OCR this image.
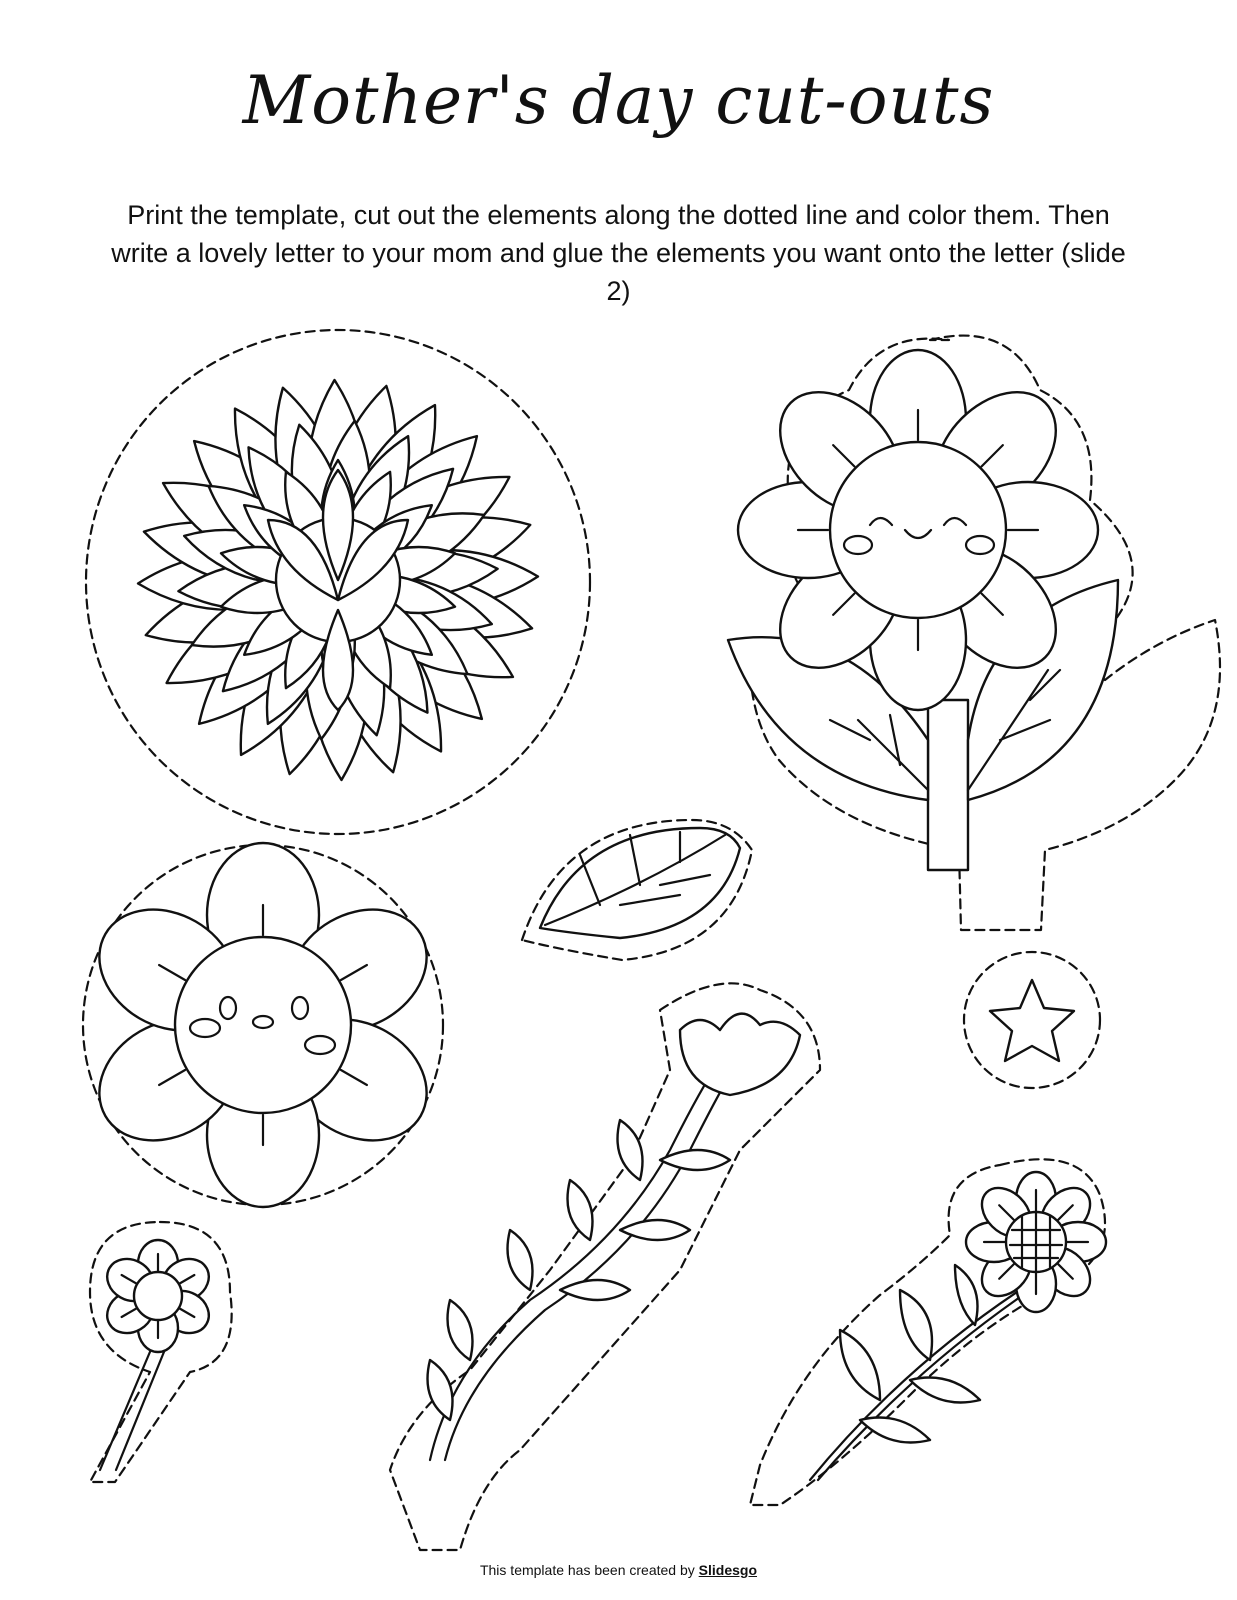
Mother's day cut-outs

Print the template, cut out the elements along the dotted line and color them. Then write a lovely letter to your mom and glue the elements you want onto the letter (slide 2)

This template has been created by Slidesgo
